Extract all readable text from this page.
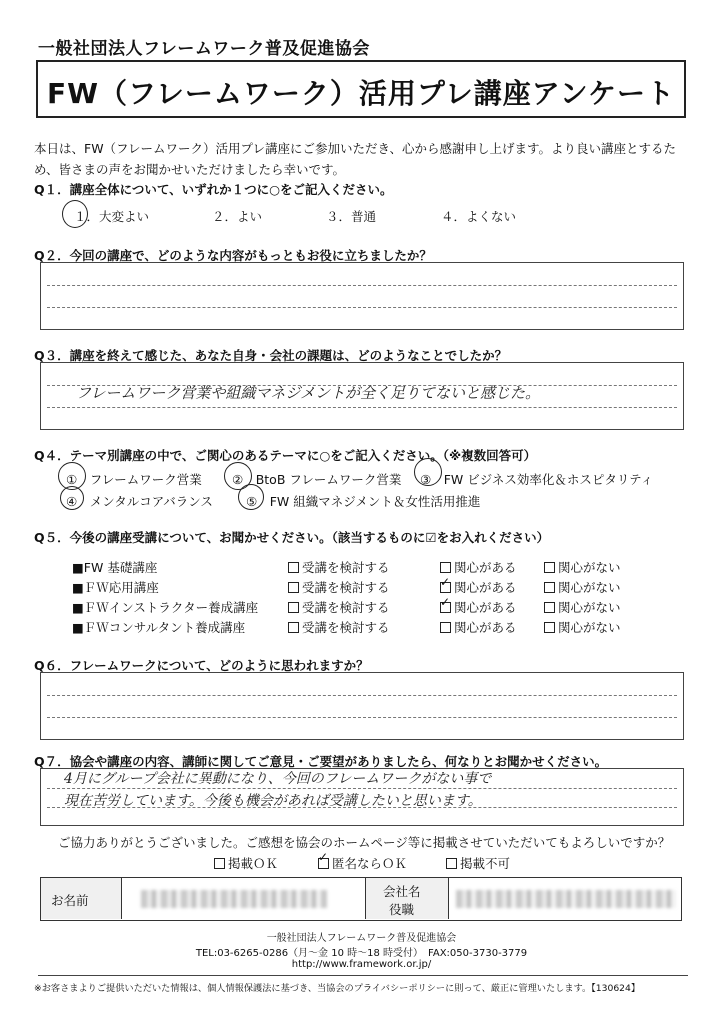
一般社団法人フレームワーク普及促進協会
FW（フレームワーク）活用プレ講座アンケート
本日は、FW（フレームワーク）活用プレ講座にご参加いただき、心から感謝申し上げます。より良い講座とするため、皆さまの声をお聞かせいただけましたら幸いです。
Q１．講座全体について、いずれか１つに○をご記入ください。
１．大変よい	２．よい	３．普通	４．よくない
Q２．今回の講座で、どのような内容がもっともお役に立ちましたか？
Q３．講座を終えて感じた、あなた自身・会社の課題は、どのようなことでしたか？
フレームワーク営業や組織マネジメントが全く足りてないと感じた。
Q４．テーマ別講座の中で、ご関心のあるテーマに○をご記入ください。（※複数回答可）
①　フレームワーク営業 ②　BtoB フレームワーク営業 ③　FW ビジネス効率化＆ホスピタリティ
④　メンタルコアバランス	⑤　FW 組織マネジメント＆女性活用推進
Q５．今後の講座受講について、お聞かせください。（該当するものに☑をお入れください）
■FW 基礎講座	受講を検討する	関心がある	関心がない
■ＦＷ応用講座	受講を検討する	関心がある	関心がない
■ＦＷインストラクター養成講座	受講を検討する	関心がある	関心がない
■ＦＷコンサルタント養成講座	受講を検討する	関心がある	関心がない
✓
✓
Q６．フレームワークについて、どのように思われますか？
Q７．協会や講座の内容、講師に関してご意見・ご要望がありましたら、何なりとお聞かせください。
4月にグループ会社に異動になり、今回のフレームワークがない事で
現在苦労しています。今後も機会があれば受講したいと思います。
ご協力ありがとうございました。ご感想を協会のホームページ等に掲載させていただいてもよろしいですか？
掲載ＯＫ	匿名ならＯＫ	掲載不可
✓
お名前
会社名
役職
一般社団法人フレームワーク普及促進協会
TEL:03-6265-0286（月～金 10 時～18 時受付）　FAX:050-3730-3779
http://www.framework.or.jp/
※お客さまよりご提供いただいた情報は、個人情報保護法に基づき、当協会のプライバシーポリシーに則って、厳正に管理いたします。【130624】
